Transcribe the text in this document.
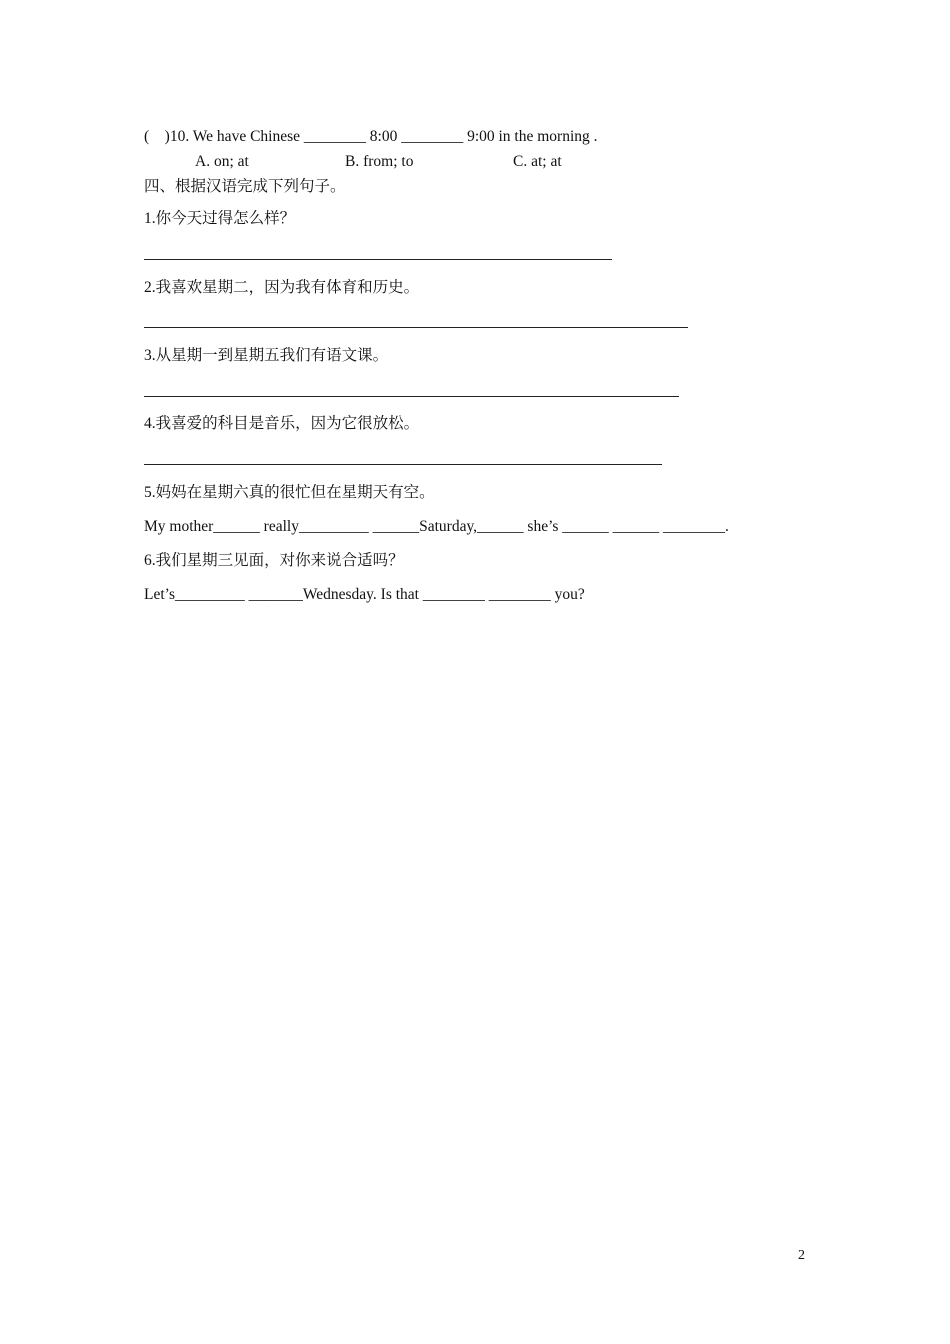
(    )10. We have Chinese ________ 8:00 ________ 9:00 in the morning .
A. on; at	B. from; to	C. at; at
四、根据汉语完成下列句子。
1.你今天过得怎么样？
2.我喜欢星期二，因为我有体育和历史。
3.从星期一到星期五我们有语文课。
4.我喜爱的科目是音乐，因为它很放松。
5.妈妈在星期六真的很忙但在星期天有空。
My mother______ really_________ ______Saturday,______ she’s ______ ______ ________.
6.我们星期三见面，对你来说合适吗？
Let’s_________ _______Wednesday. Is that ________ ________ you?
2
